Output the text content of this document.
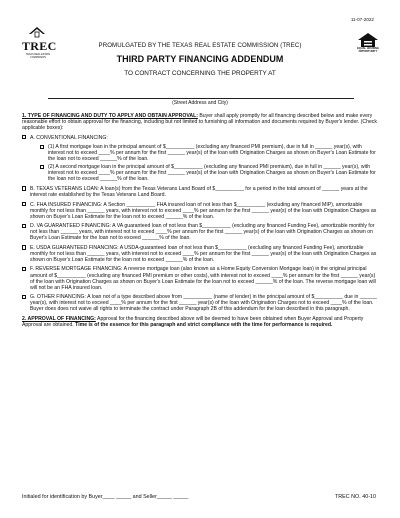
11-07-2022
TREC
TEXAS REAL ESTATE COMMISSION
EQUAL HOUSING OPPORTUNITY
PROMULGATED BY THE TEXAS REAL ESTATE COMMISSION (TREC)
THIRD PARTY FINANCING ADDENDUM
TO CONTRACT CONCERNING THE PROPERTY AT
(Street Address and City)

1. TYPE OF FINANCING AND DUTY TO APPLY AND OBTAIN APPROVAL: Buyer shall apply promptly for all financing described below and make every reasonable effort to obtain approval for the financing, including but not limited to furnishing all information and documents required by Buyer's lender. (Check applicable boxes):

A. CONVENTIONAL FINANCING:
(1) A first mortgage loan in the principal amount of $__________ (excluding any financed PMI premium), due in full in ______ year(s), with interest not to exceed ____% per annum for the first ______ year(s) of the loan with Origination Charges as shown on Buyer's Loan Estimate for the loan not to exceed ______% of the loan.
(2) A second mortgage loan in the principal amount of $__________ (excluding any financed PMI premium), due in full in ______ year(s), with interest not to exceed ____% per annum for the first ______ year(s) of the loan with Origination Charges as shown on Buyer's Loan Estimate for the loan not to exceed ______% of the loan.
B. TEXAS VETERANS LOAN: A loan(s) from the Texas Veterans Land Board of $__________ for a period in the total amount of ______ years at the interest rate established by the Texas Veterans Land Board.
C. FHA INSURED FINANCING: A Section __________ FHA insured loan of not less than $__________ (excluding any financed MIP), amortizable monthly for not less than ______ years, with interest not to exceed ____% per annum for the first ______ year(s) of the loan with Origination Charges as shown on Buyer's Loan Estimate for the loan not to exceed ______% of the loan.
D. VA GUARANTEED FINANCING: A VA guaranteed loan of not less than $__________ (excluding any financed Funding Fee), amortizable monthly for not less than ______ years, with interest not to exceed ____% per annum for the first ______ year(s) of the loan with Origination Charges as shown on Buyer's Loan Estimate for the loan not to exceed ______% of the loan.
E. USDA GUARANTEED FINANCING: A USDA-guaranteed loan of not less than $__________ (excluding any financed Funding Fee), amortizable monthly for not less than ______ years, with interest not to exceed ____% per annum for the first ______ year(s) of the loan with Origination Charges as shown on Buyer's Loan Estimate for the loan not to exceed ______% of the loan.
F. REVERSE MORTGAGE FINANCING: A reverse mortgage loan (also known as a Home Equity Conversion Mortgage loan) in the original principal amount of $__________ (excluding any financed PMI premium or other costs), with interest not to exceed ____% per annum for the first ______ year(s) of the loan with Origination Charges as shown on Buyer's Loan Estimate for the loan not to exceed ______% of the loan. The reverse mortgage loan
will
will not be an FHA insured loan.
G. OTHER FINANCING: A loan not of a type described above from __________ (name of lender) in the principal amount of $__________ due in ______ year(s), with interest not to exceed ____% per annum for the first ______ year(s) of the loan with Origination Charges not to exceed ____% of the loan. Buyer
does
does not waive all rights to terminate the contract under Paragraph 2B of this addendum for the loan described in this paragraph.

2. APPROVAL OF FINANCING: Approval for the financing described above will be deemed to have been obtained when Buyer Approval and Property Approval are obtained. Time is of the essence for this paragraph and strict compliance with the time for performance is required.

Initialed for identification by Buyer____ _____ and Seller_____ _____	TREC NO. 40-10
